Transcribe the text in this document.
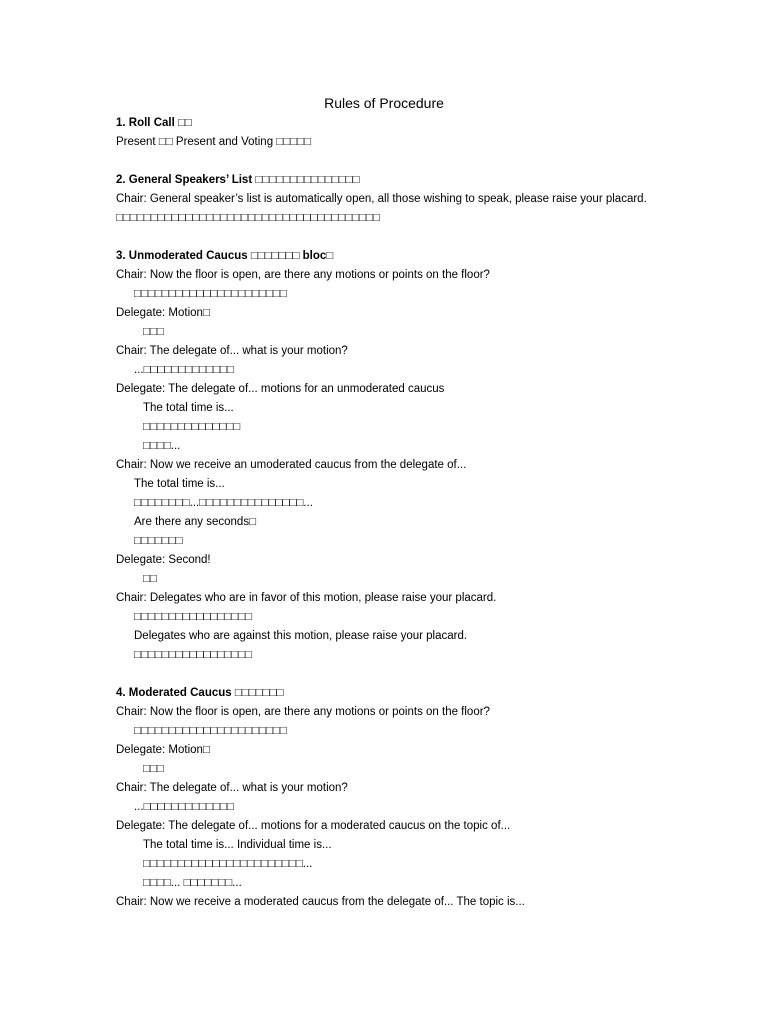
Rules of Procedure
1. Roll Call □□
Present □□ Present and Voting □□□□□
2. General Speakers’ List □□□□□□□□□□□□□□□
Chair: General speaker’s list is automatically open, all those wishing to speak, please raise your placard.
□□□□□□□□□□□□□□□□□□□□□□□□□□□□□□□□□□□□□□
3. Unmoderated Caucus □□□□□□□ bloc□
Chair: Now the floor is open, are there any motions or points on the floor?
□□□□□□□□□□□□□□□□□□□□□□
Delegate: Motion□
□□□
Chair: The delegate of... what is your motion?
...□□□□□□□□□□□□□
Delegate: The delegate of... motions for an unmoderated caucus
The total time is...
□□□□□□□□□□□□□□
□□□□...
Chair: Now we receive an umoderated caucus from the delegate of...
The total time is...
□□□□□□□□...□□□□□□□□□□□□□□□...
Are there any seconds□
□□□□□□□
Delegate: Second!
□□
Chair: Delegates who are in favor of this motion, please raise your placard.
□□□□□□□□□□□□□□□□□
Delegates who are against this motion, please raise your placard.
□□□□□□□□□□□□□□□□□
4. Moderated Caucus □□□□□□□
Chair: Now the floor is open, are there any motions or points on the floor?
□□□□□□□□□□□□□□□□□□□□□□
Delegate: Motion□
□□□
Chair: The delegate of... what is your motion?
...□□□□□□□□□□□□□
Delegate: The delegate of... motions for a moderated caucus on the topic of...
The total time is... Individual time is...
□□□□□□□□□□□□□□□□□□□□□□□...
□□□□... □□□□□□□...
Chair: Now we receive a moderated caucus from the delegate of... The topic is...
